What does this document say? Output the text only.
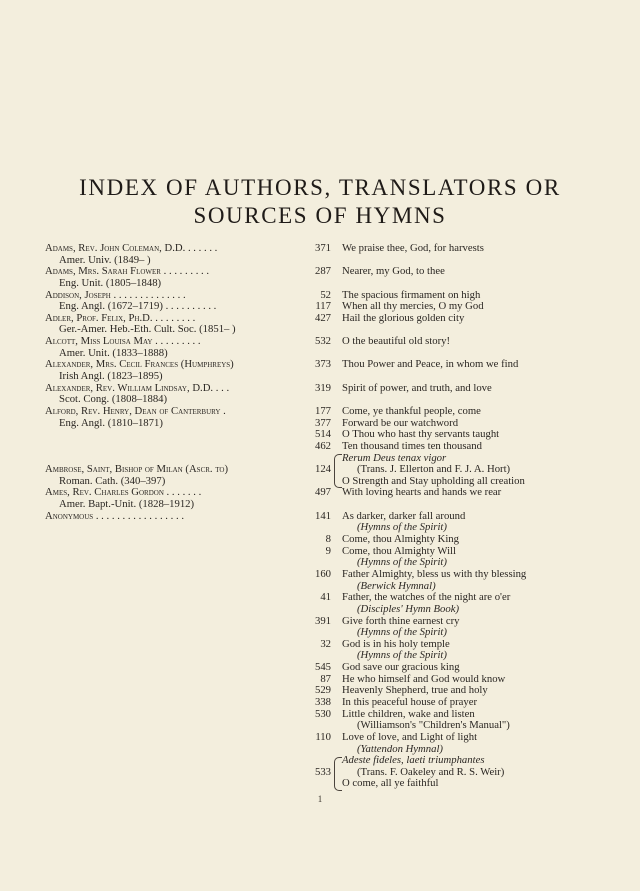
INDEX OF AUTHORS, TRANSLATORS OR
SOURCES OF HYMNS
Adams, Rev. John Coleman, D.D. . . . . . .	371 We praise thee, God, for harvests
Amer. Univ. (1849– )
Adams, Mrs. Sarah Flower . . . . . . . . .	287 Nearer, my God, to thee
Eng. Unit. (1805–1848)
Addison, Joseph . . . . . . . . . . . . . .	52 The spacious firmament on high
Eng. Angl. (1672–1719) . . . . . . . . . .	117 When all thy mercies, O my God
Adler, Prof. Felix, Ph.D. . . . . . . . .	427 Hail the glorious golden city
Ger.-Amer. Heb.-Eth. Cult. Soc. (1851– )
Alcott, Miss Louisa May . . . . . . . . .	532 O the beautiful old story!
Amer. Unit. (1833–1888)
Alexander, Mrs. Cecil Frances (Humphreys)	373 Thou Power and Peace, in whom we find
Irish Angl. (1823–1895)
Alexander, Rev. William Lindsay, D.D. . . .	319 Spirit of power, and truth, and love
Scot. Cong. (1808–1884)
Alford, Rev. Henry, Dean of Canterbury .	177 Come, ye thankful people, come
Eng. Angl. (1810–1871)	377 Forward be our watchword
514 O Thou who hast thy servants taught
462 Ten thousand times ten thousand
Rerum Deus tenax vigor
Ambrose, Saint, Bishop of Milan (Ascr. to)	124 (Trans. J. Ellerton and F. J. A. Hort)
Roman. Cath. (340–397)	O Strength and Stay upholding all creation
Ames, Rev. Charles Gordon . . . . . . .	497 With loving hearts and hands we rear
Amer. Bapt.-Unit. (1828–1912)
Anonymous . . . . . . . . . . . . . . . . .	141 As darker, darker fall around
(Hymns of the Spirit)
8 Come, thou Almighty King
9 Come, thou Almighty Will
(Hymns of the Spirit)
160 Father Almighty, bless us with thy blessing
(Berwick Hymnal)
41 Father, the watches of the night are o'er
(Disciples' Hymn Book)
391 Give forth thine earnest cry
(Hymns of the Spirit)
32 God is in his holy temple
(Hymns of the Spirit)
545 God save our gracious king
87 He who himself and God would know
529 Heavenly Shepherd, true and holy
338 In this peaceful house of prayer
530 Little children, wake and listen
(Williamson's "Children's Manual")
110 Love of love, and Light of light
(Yattendon Hymnal)
Adeste fideles, laeti triumphantes
533 (Trans. F. Oakeley and R. S. Weir)
O come, all ye faithful
1
